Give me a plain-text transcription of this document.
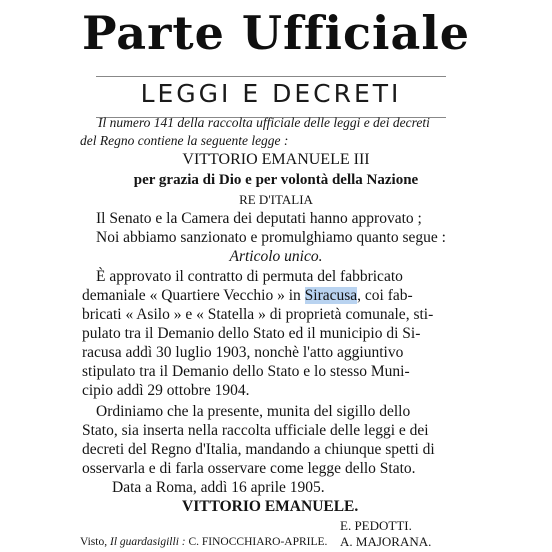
Parte Ufficiale
LEGGI E DECRETI
Il numero 141 della raccolta ufficiale delle leggi e dei decreti
del Regno contiene la seguente legge :
VITTORIO EMANUELE III
per grazia di Dio e per volontà della Nazione
RE D'ITALIA
Il Senato e la Camera dei deputati hanno approvato ;
Noi abbiamo sanzionato e promulghiamo quanto segue :
Articolo unico.
È approvato il contratto di permuta del fabbricato
demaniale « Quartiere Vecchio » in Siracusa, coi fab-
bricati « Asilo » e « Statella » di proprietà comunale, sti-
pulato tra il Demanio dello Stato ed il municipio di Si-
racusa addì 30 luglio 1903, nonchè l'atto aggiuntivo
stipulato tra il Demanio dello Stato e lo stesso Muni-
cipio addì 29 ottobre 1904.
Ordiniamo che la presente, munita del sigillo dello
Stato, sia inserta nella raccolta ufficiale delle leggi e dei
decreti del Regno d'Italia, mandando a chiunque spetti di
osservarla e di farla osservare come legge dello Stato.
Data a Roma, addì 16 aprile 1905.
VITTORIO EMANUELE.
E. PEDOTTI.
A. MAJORANA.
Visto, Il guardasigilli : C. FINOCCHIARO-APRILE.
